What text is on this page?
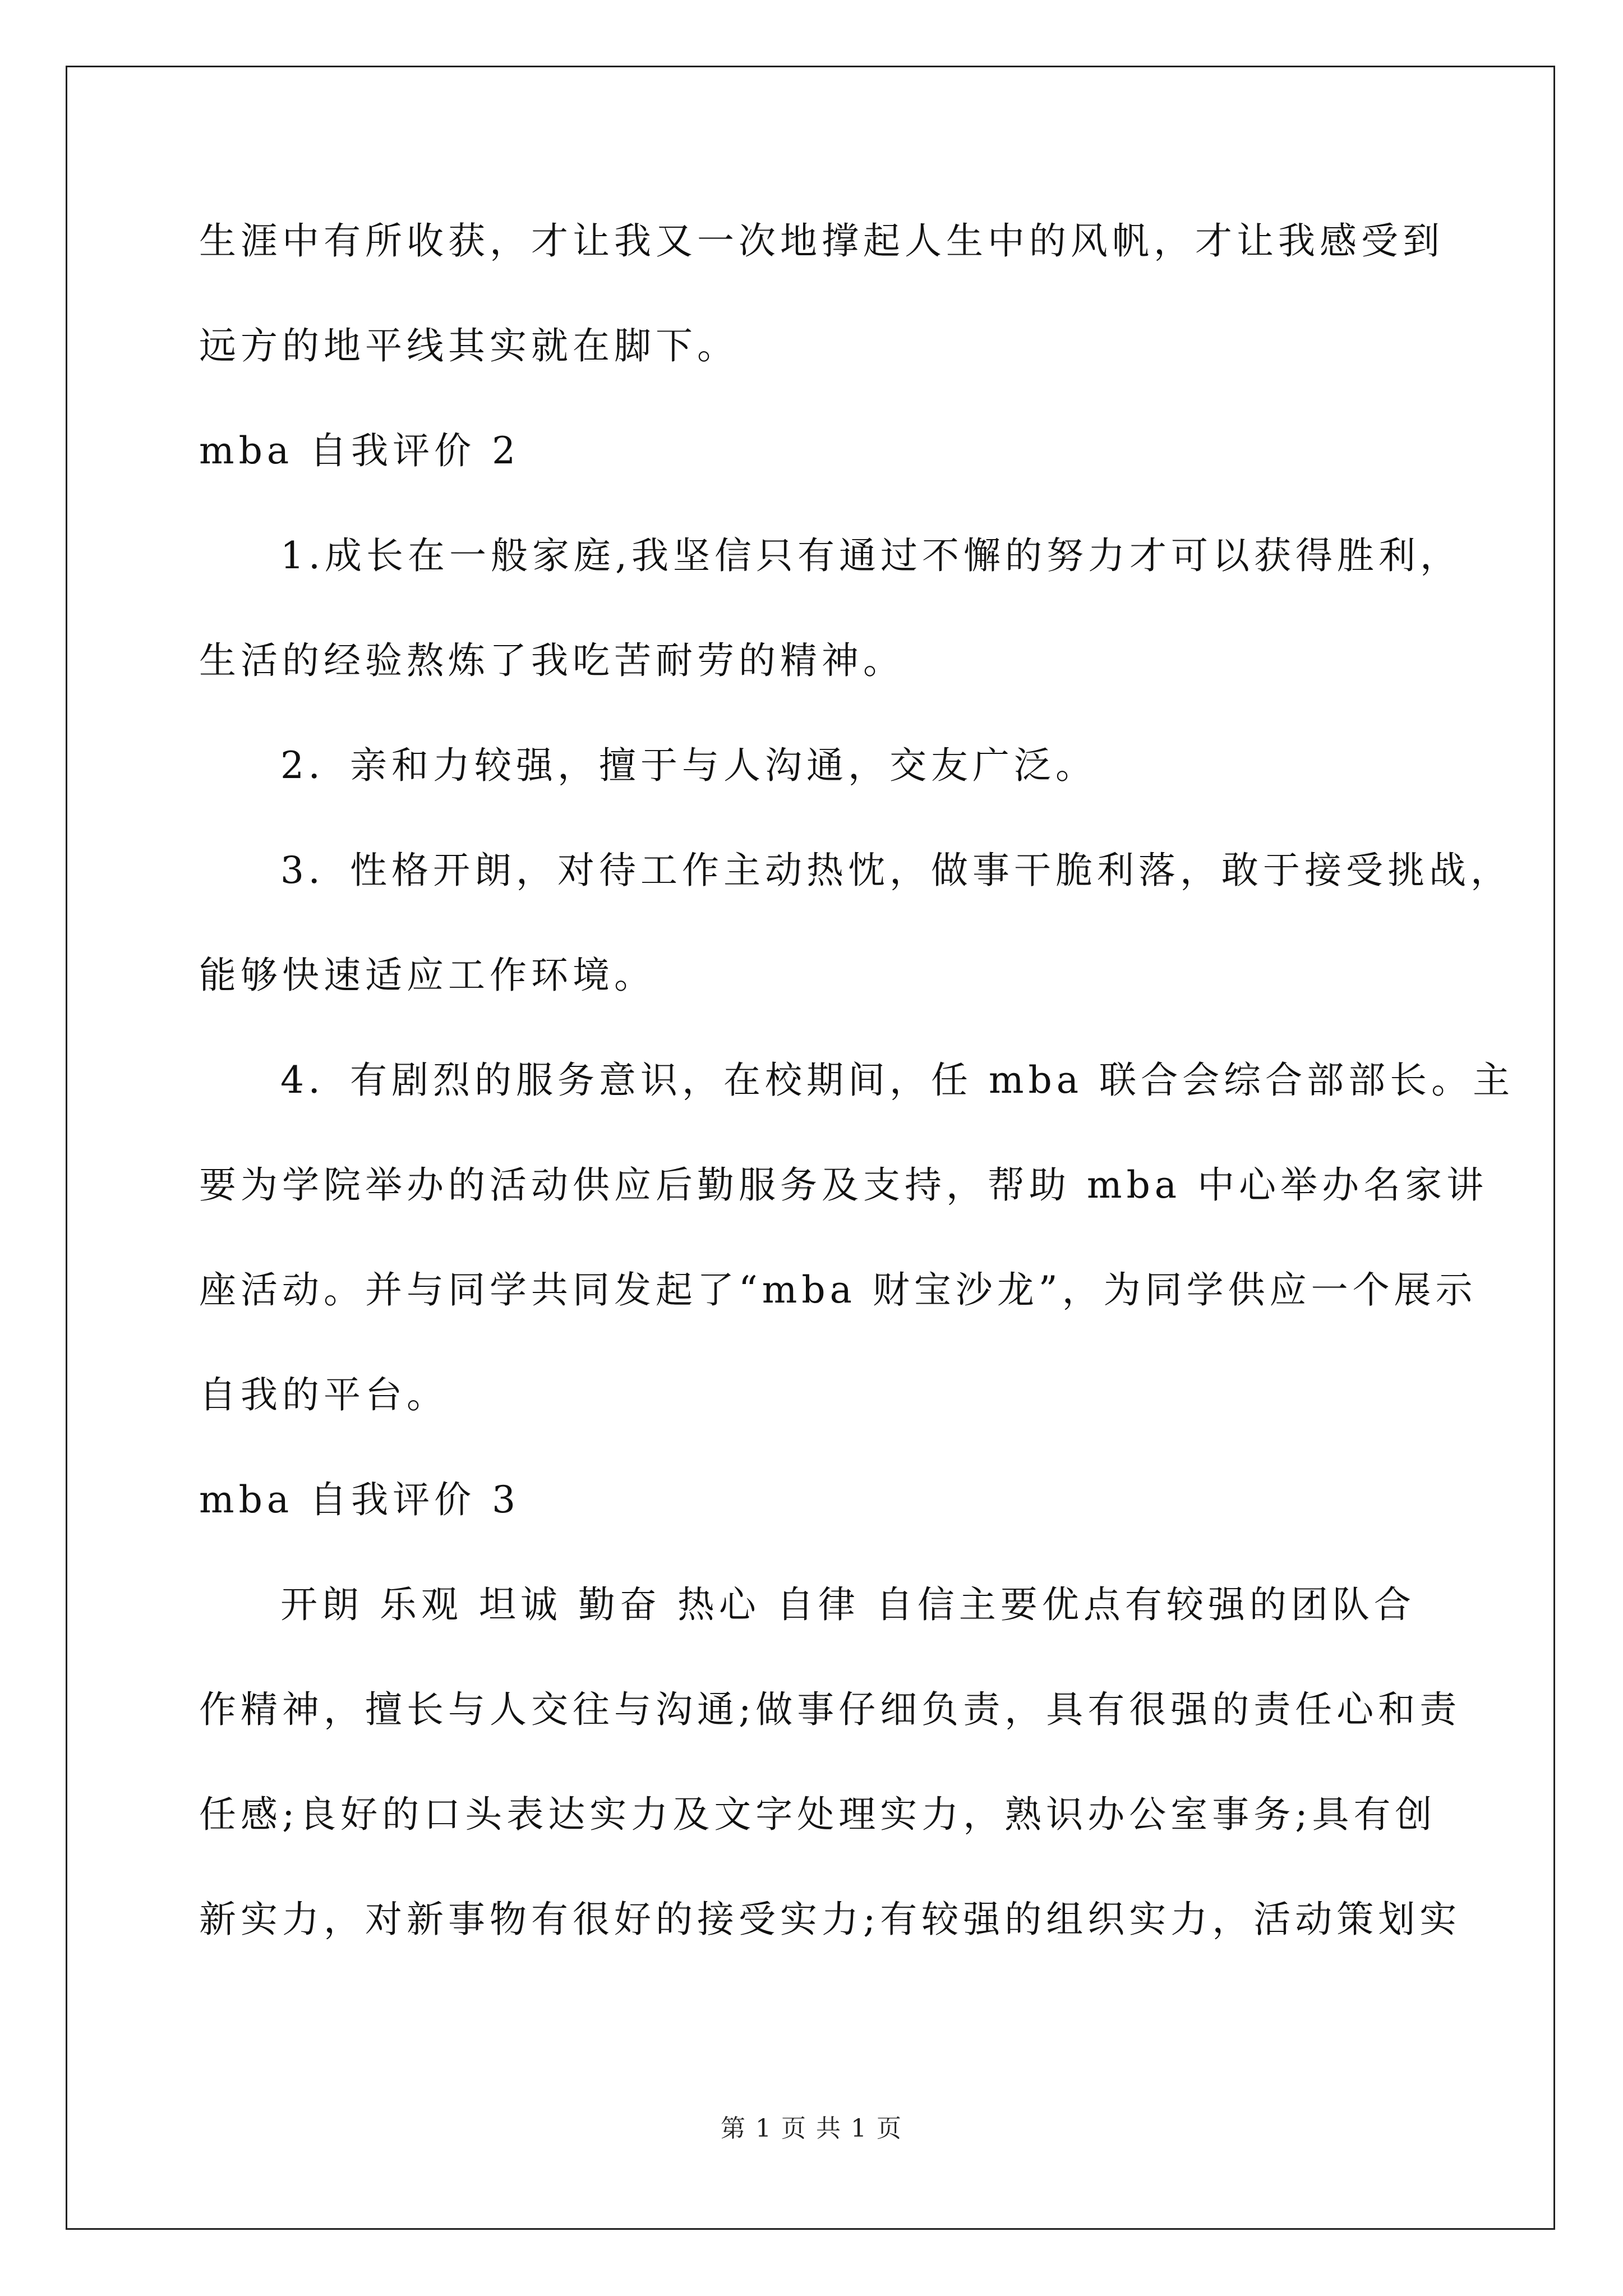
生涯中有所收获，才让我又一次地撑起人生中的风帆，才让我感受到
远方的地平线其实就在脚下。
mba 自我评价 2
1.成长在一般家庭,我坚信只有通过不懈的努力才可以获得胜利，
生活的经验熬炼了我吃苦耐劳的精神。
2．亲和力较强，擅于与人沟通，交友广泛。
3．性格开朗，对待工作主动热忱，做事干脆利落，敢于接受挑战，
能够快速适应工作环境。
4．有剧烈的服务意识，在校期间，任 mba 联合会综合部部长。主
要为学院举办的活动供应后勤服务及支持，帮助 mba 中心举办名家讲
座活动。并与同学共同发起了“mba 财宝沙龙”，为同学供应一个展示
自我的平台。
mba 自我评价 3
开朗 乐观 坦诚 勤奋 热心 自律 自信主要优点有较强的团队合
作精神，擅长与人交往与沟通;做事仔细负责，具有很强的责任心和责
任感;良好的口头表达实力及文字处理实力，熟识办公室事务;具有创
新实力，对新事物有很好的接受实力;有较强的组织实力，活动策划实
第 1 页 共 1 页
